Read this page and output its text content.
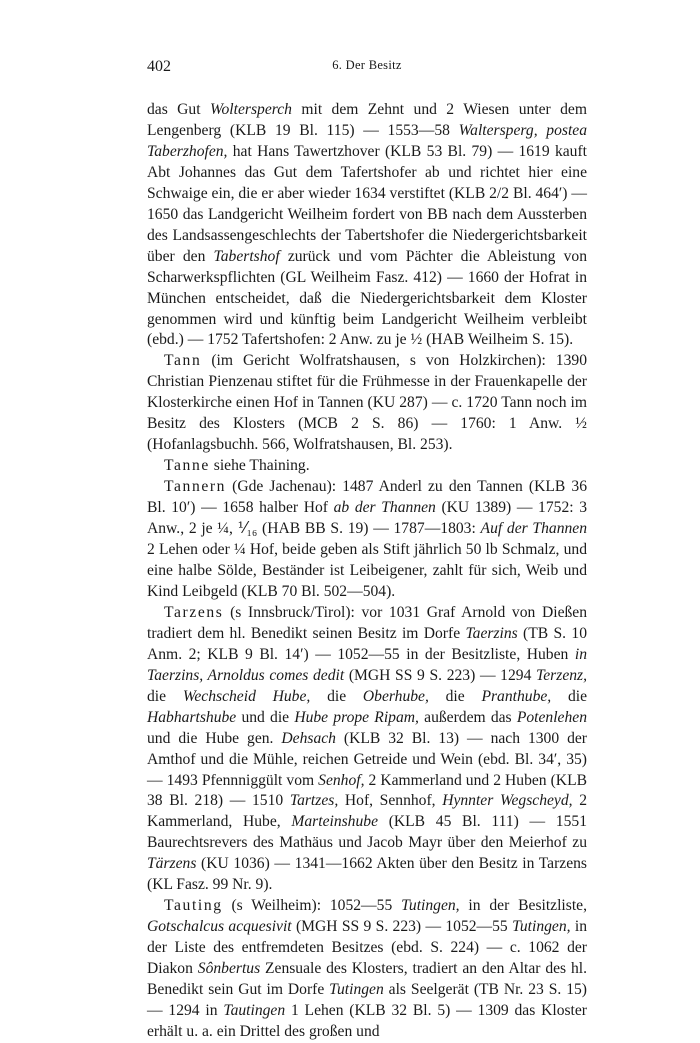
402	6. Der Besitz

das Gut Woltersperch mit dem Zehnt und 2 Wiesen unter dem Lengenberg (KLB 19 Bl. 115) — 1553—58 Waltersperg, postea Taberzhofen, hat Hans Tawertzhover (KLB 53 Bl. 79) — 1619 kauft Abt Johannes das Gut dem Tafertshofer ab und richtet hier eine Schwaige ein, die er aber wieder 1634 verstiftet (KLB 2/2 Bl. 464′) — 1650 das Landgericht Weilheim fordert von BB nach dem Aussterben des Landsassengeschlechts der Tabertshofer die Niedergerichtsbarkeit über den Tabertshof zurück und vom Pächter die Ableistung von Scharwerkspflichten (GL Weilheim Fasz. 412) — 1660 der Hofrat in München entscheidet, daß die Niedergerichtsbarkeit dem Kloster genommen wird und künftig beim Landgericht Weilheim verbleibt (ebd.) — 1752 Tafertshofen: 2 Anw. zu je ½ (HAB Weilheim S. 15).

Tann (im Gericht Wolfratshausen, s von Holzkirchen): 1390 Christian Pienzenau stiftet für die Frühmesse in der Frauenkapelle der Klosterkirche einen Hof in Tannen (KU 287) — c. 1720 Tann noch im Besitz des Klosters (MCB 2 S. 86) — 1760: 1 Anw. ½ (Hofanlagsbuchh. 566, Wolfratshausen, Bl. 253).

Tanne siehe Thaining.

Tannern (Gde Jachenau): 1487 Anderl zu den Tannen (KLB 36 Bl. 10′) — 1658 halber Hof ab der Thannen (KU 1389) — 1752: 3 Anw., 2 je ¼, ⅟₁₆ (HAB BB S. 19) — 1787—1803: Auf der Thannen 2 Lehen oder ¼ Hof, beide geben als Stift jährlich 50 lb Schmalz, und eine halbe Sölde, Beständer ist Leibeigener, zahlt für sich, Weib und Kind Leibgeld (KLB 70 Bl. 502—504).

Tarzens (s Innsbruck/Tirol): vor 1031 Graf Arnold von Dießen tradiert dem hl. Benedikt seinen Besitz im Dorfe Taerzins (TB S. 10 Anm. 2; KLB 9 Bl. 14′) — 1052—55 in der Besitzliste, Huben in Taerzins, Arnoldus comes dedit (MGH SS 9 S. 223) — 1294 Terzenz, die Wechscheid Hube, die Oberhube, die Pranthube, die Habhartshube und die Hube prope Ripam, außerdem das Potenlehen und die Hube gen. Dehsach (KLB 32 Bl. 13) — nach 1300 der Amthof und die Mühle, reichen Getreide und Wein (ebd. Bl. 34′, 35) — 1493 Pfennniggült vom Senhof, 2 Kammerland und 2 Huben (KLB 38 Bl. 218) — 1510 Tartzes, Hof, Sennhof, Hynnter Wegscheyd, 2 Kammerland, Hube, Marteinshube (KLB 45 Bl. 111) — 1551 Baurechtsrevers des Mathäus und Jacob Mayr über den Meierhof zu Tärzens (KU 1036) — 1341—1662 Akten über den Besitz in Tarzens (KL Fasz. 99 Nr. 9).

Tauting (s Weilheim): 1052—55 Tutingen, in der Besitzliste, Gotschalcus acquesivit (MGH SS 9 S. 223) — 1052—55 Tutingen, in der Liste des entfremdeten Besitzes (ebd. S. 224) — c. 1062 der Diakon Sônbertus Zensuale des Klosters, tradiert an den Altar des hl. Benedikt sein Gut im Dorfe Tutingen als Seelgerät (TB Nr. 23 S. 15) — 1294 in Tautingen 1 Lehen (KLB 32 Bl. 5) — 1309 das Kloster erhält u. a. ein Drittel des großen und
